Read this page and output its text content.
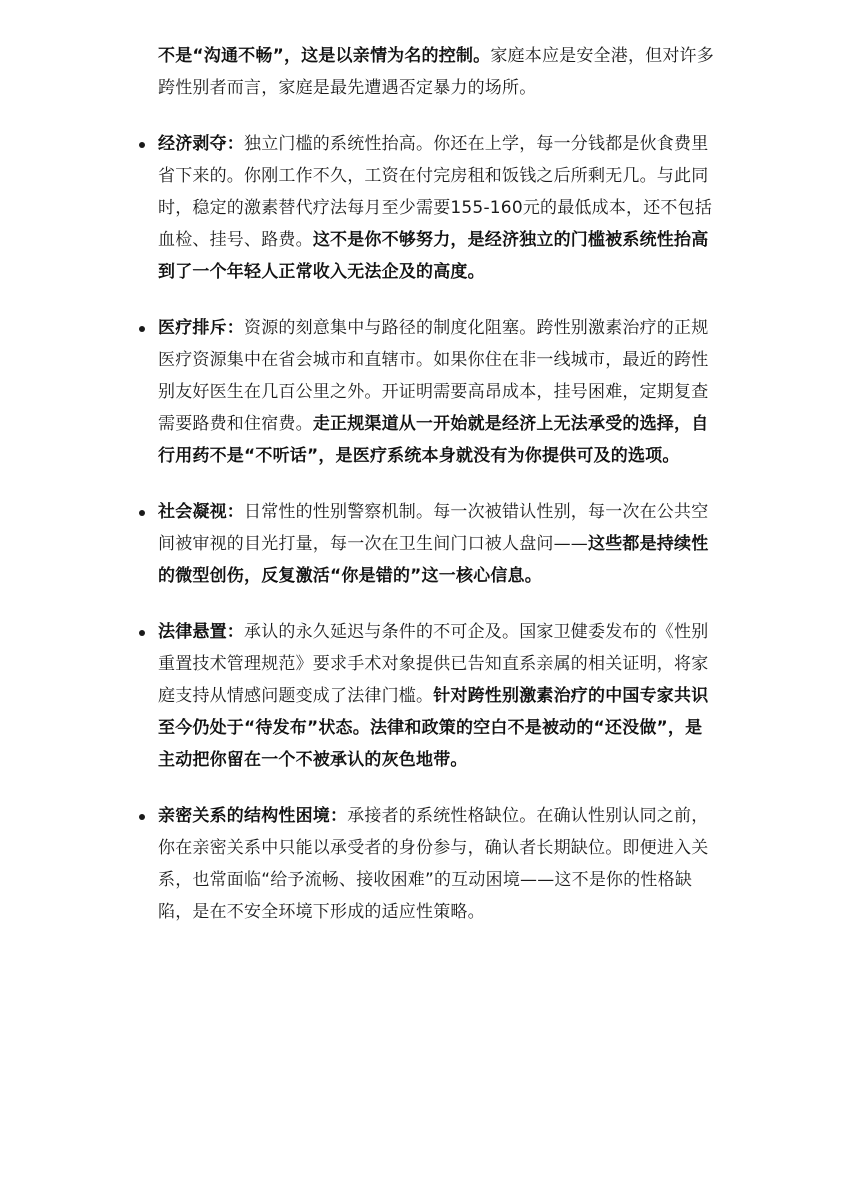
不是“沟通不畅”，这是以亲情为名的控制。家庭本应是安全港，但对许多跨性别者而言，家庭是最先遭遇否定暴力的场所。

经济剥夺：独立门槛的系统性抬高。你还在上学，每一分钱都是伙食费里省下来的。你刚工作不久，工资在付完房租和饭钱之后所剩无几。与此同时，稳定的激素替代疗法每月至少需要155-160元的最低成本，还不包括血检、挂号、路费。这不是你不够努力，是经济独立的门槛被系统性抬高到了一个年轻人正常收入无法企及的高度。
医疗排斥：资源的刻意集中与路径的制度化阻塞。跨性别激素治疗的正规医疗资源集中在省会城市和直辖市。如果你住在非一线城市，最近的跨性别友好医生在几百公里之外。开证明需要高昂成本，挂号困难，定期复查需要路费和住宿费。走正规渠道从一开始就是经济上无法承受的选择，自行用药不是“不听话”，是医疗系统本身就没有为你提供可及的选项。
社会凝视：日常性的性别警察机制。每一次被错认性别，每一次在公共空间被审视的目光打量，每一次在卫生间门口被人盘问——这些都是持续性的微型创伤，反复激活“你是错的”这一核心信息。
法律悬置：承认的永久延迟与条件的不可企及。国家卫健委发布的《性别重置技术管理规范》要求手术对象提供已告知直系亲属的相关证明，将家庭支持从情感问题变成了法律门槛。针对跨性别激素治疗的中国专家共识至今仍处于“待发布”状态。法律和政策的空白不是被动的“还没做”，是主动把你留在一个不被承认的灰色地带。
亲密关系的结构性困境：承接者的系统性格缺位。在确认性别认同之前，你在亲密关系中只能以承受者的身份参与，确认者长期缺位。即便进入关系，也常面临“给予流畅、接收困难”的互动困境——这不是你的性格缺陷，是在不安全环境下形成的适应性策略。
